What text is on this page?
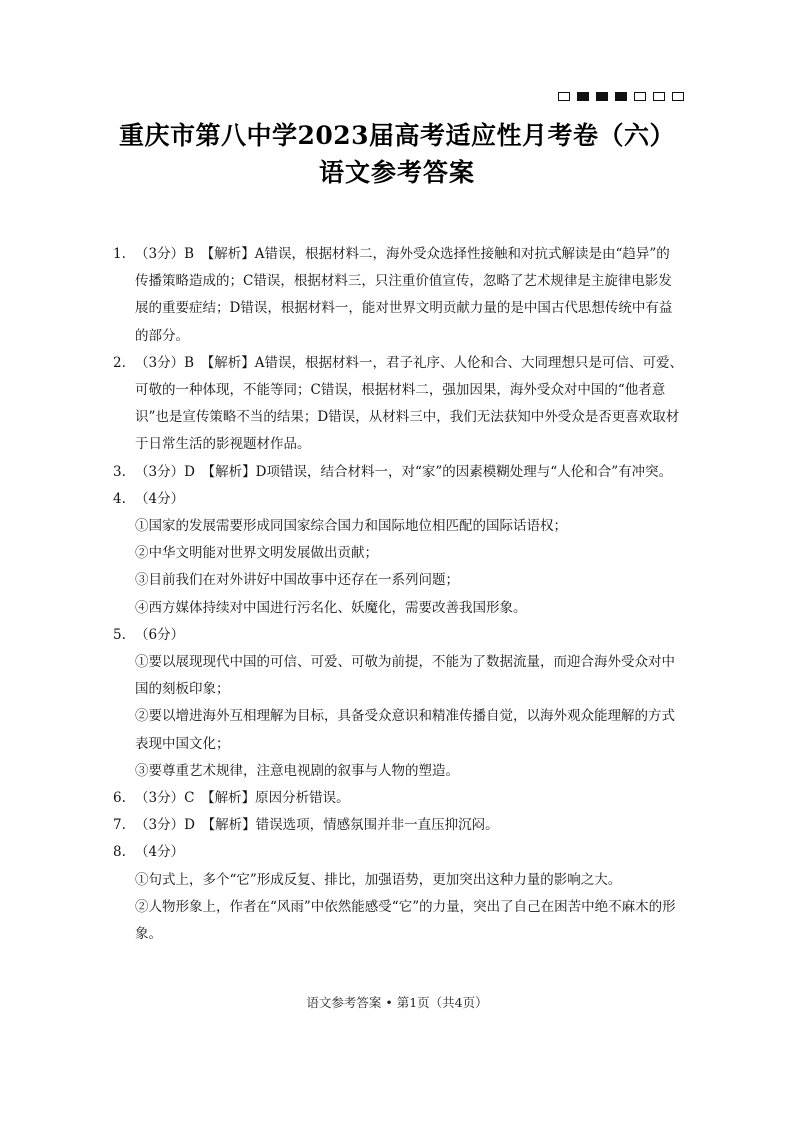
重庆市第八中学2023届高考适应性月考卷（六）
语文参考答案
1. （3分）B　【解析】A错误，根据材料二，海外受众选择性接触和对抗式解读是由“趋异”的传播策略造成的；C错误，根据材料三，只注重价值宣传，忽略了艺术规律是主旋律电影发展的重要症结；D错误，根据材料一，能对世界文明贡献力量的是中国古代思想传统中有益的部分。
2. （3分）B　【解析】A错误，根据材料一，君子礼序、人伦和合、大同理想只是可信、可爱、可敬的一种体现，不能等同；C错误，根据材料二，强加因果，海外受众对中国的“他者意识”也是宣传策略不当的结果；D错误，从材料三中，我们无法获知中外受众是否更喜欢取材于日常生活的影视题材作品。
3. （3分）D　【解析】D项错误，结合材料一，对“家”的因素模糊处理与“人伦和合”有冲突。
4. （4分）
①国家的发展需要形成同国家综合国力和国际地位相匹配的国际话语权；
②中华文明能对世界文明发展做出贡献；
③目前我们在对外讲好中国故事中还存在一系列问题；
④西方媒体持续对中国进行污名化、妖魔化，需要改善我国形象。
5. （6分）
①要以展现现代中国的可信、可爱、可敬为前提，不能为了数据流量，而迎合海外受众对中国的刻板印象；
②要以增进海外互相理解为目标，具备受众意识和精准传播自觉，以海外观众能理解的方式表现中国文化；
③要尊重艺术规律，注意电视剧的叙事与人物的塑造。
6. （3分）C　【解析】原因分析错误。
7. （3分）D　【解析】错误选项，情感氛围并非一直压抑沉闷。
8. （4分）
①句式上，多个“它”形成反复、排比，加强语势，更加突出这种力量的影响之大。
②人物形象上，作者在“风雨”中依然能感受“它”的力量，突出了自己在困苦中绝不麻木的形象。
语文参考答案 • 第1页（共4页）
